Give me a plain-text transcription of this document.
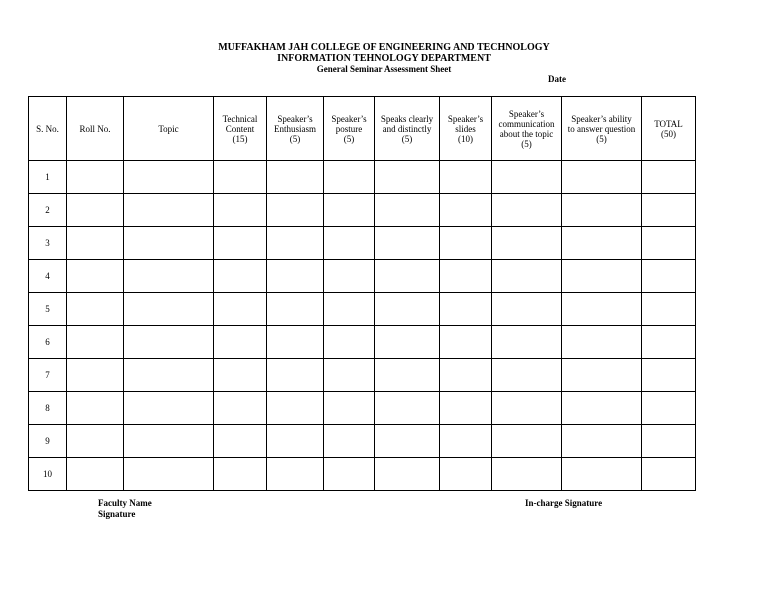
MUFFAKHAM JAH COLLEGE OF ENGINEERING AND TECHNOLOGY
INFORMATION TEHNOLOGY DEPARTMENT
General Seminar Assessment Sheet
Date
S. No.	Roll No.	Topic	Technical
Content
(15)	Speaker’s
Enthusiasm
(5)	Speaker’s
posture
(5)	Speaks clearly
and distinctly
(5)	Speaker’s
slides
(10)	Speaker’s
communication
about the topic
(5)	Speaker’s ability
to answer question
(5)	TOTAL
(50)
1										
2										
3										
4										
5										
6										
7										
8										
9										
10										
Faculty Name
Signature
In-charge Signature
